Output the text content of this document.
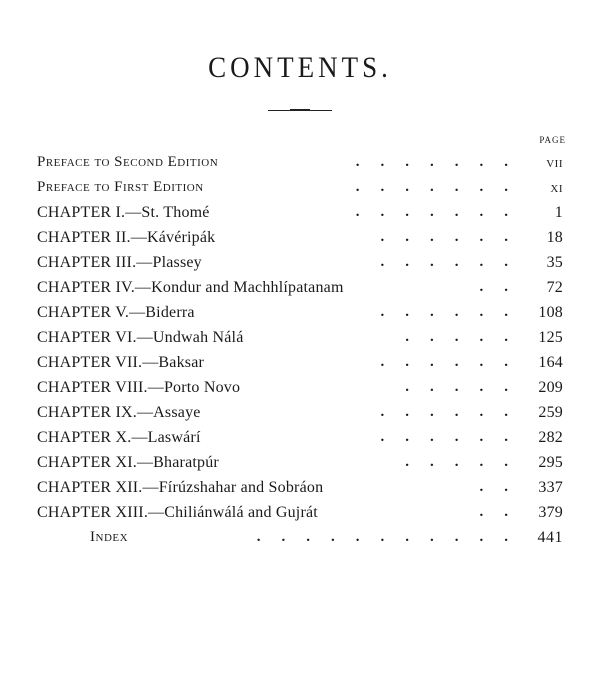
CONTENTS.
PAGE
Preface to Second Edition	....... vii
Preface to First Edition	....... xi
CHAPTER I.—St. Thomé	....... 1
CHAPTER II.—Kávéripák	...... 18
CHAPTER III.—Plassey	...... 35
CHAPTER IV.—Kondur and Machhlípatanam	.. 72
CHAPTER V.—Biderra	...... 108
CHAPTER VI.—Undwah Nálá	..... 125
CHAPTER VII.—Baksar	...... 164
CHAPTER VIII.—Porto Novo	..... 209
CHAPTER IX.—Assaye	...... 259
CHAPTER X.—Laswárí	...... 282
CHAPTER XI.—Bharatpúr	..... 295
CHAPTER XII.—Fírúzshahar and Sobráon	.. 337
CHAPTER XIII.—Chiliánwálá and Gujrát	.. 379
Index	........... 441
